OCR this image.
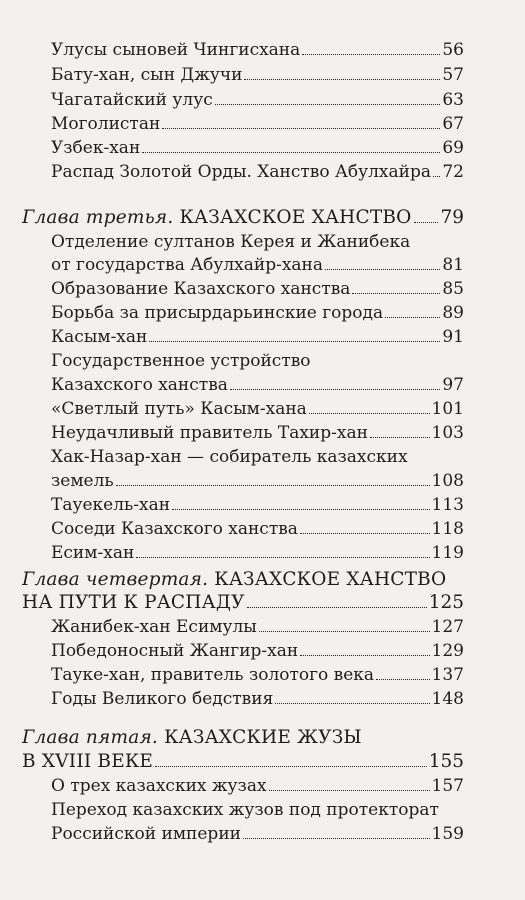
Улусы сыновей Чингисхана	56
Бату-хан, сын Джучи	57
Чагатайский улус	63
Моголистан	67
Узбек-хан	69
Распад Золотой Орды. Ханство Абулхайра 72
Глава третья. КАЗАХСКОЕ ХАНСТВО 79
Отделение султанов Керея и Жанибека
от государства Абулхайр-хана	81
Образование Казахского ханства	85
Борьба за присырдарьинские города	89
Касым-хан	91
Государственное устройство
Казахского ханства	97
«Светлый путь» Касым-хана	101
Неудачливый правитель Тахир-хан	103
Хак-Назар-хан — собиратель казахских
земель	108
Тауекель-хан	113
Соседи Казахского ханства	118
Есим-хан	119
Глава четвертая. КАЗАХСКОЕ ХАНСТВО
НА ПУТИ К РАСПАДУ	125
Жанибек-хан Есимулы	127
Победоносный Жангир-хан	129
Тауке-хан, правитель золотого века	137
Годы Великого бедствия	148
Глава пятая. КАЗАХСКИЕ ЖУЗЫ
В XVIII ВЕКЕ	155
О трех казахских жузах	157
Переход казахских жузов под протекторат
Российской империи	159
